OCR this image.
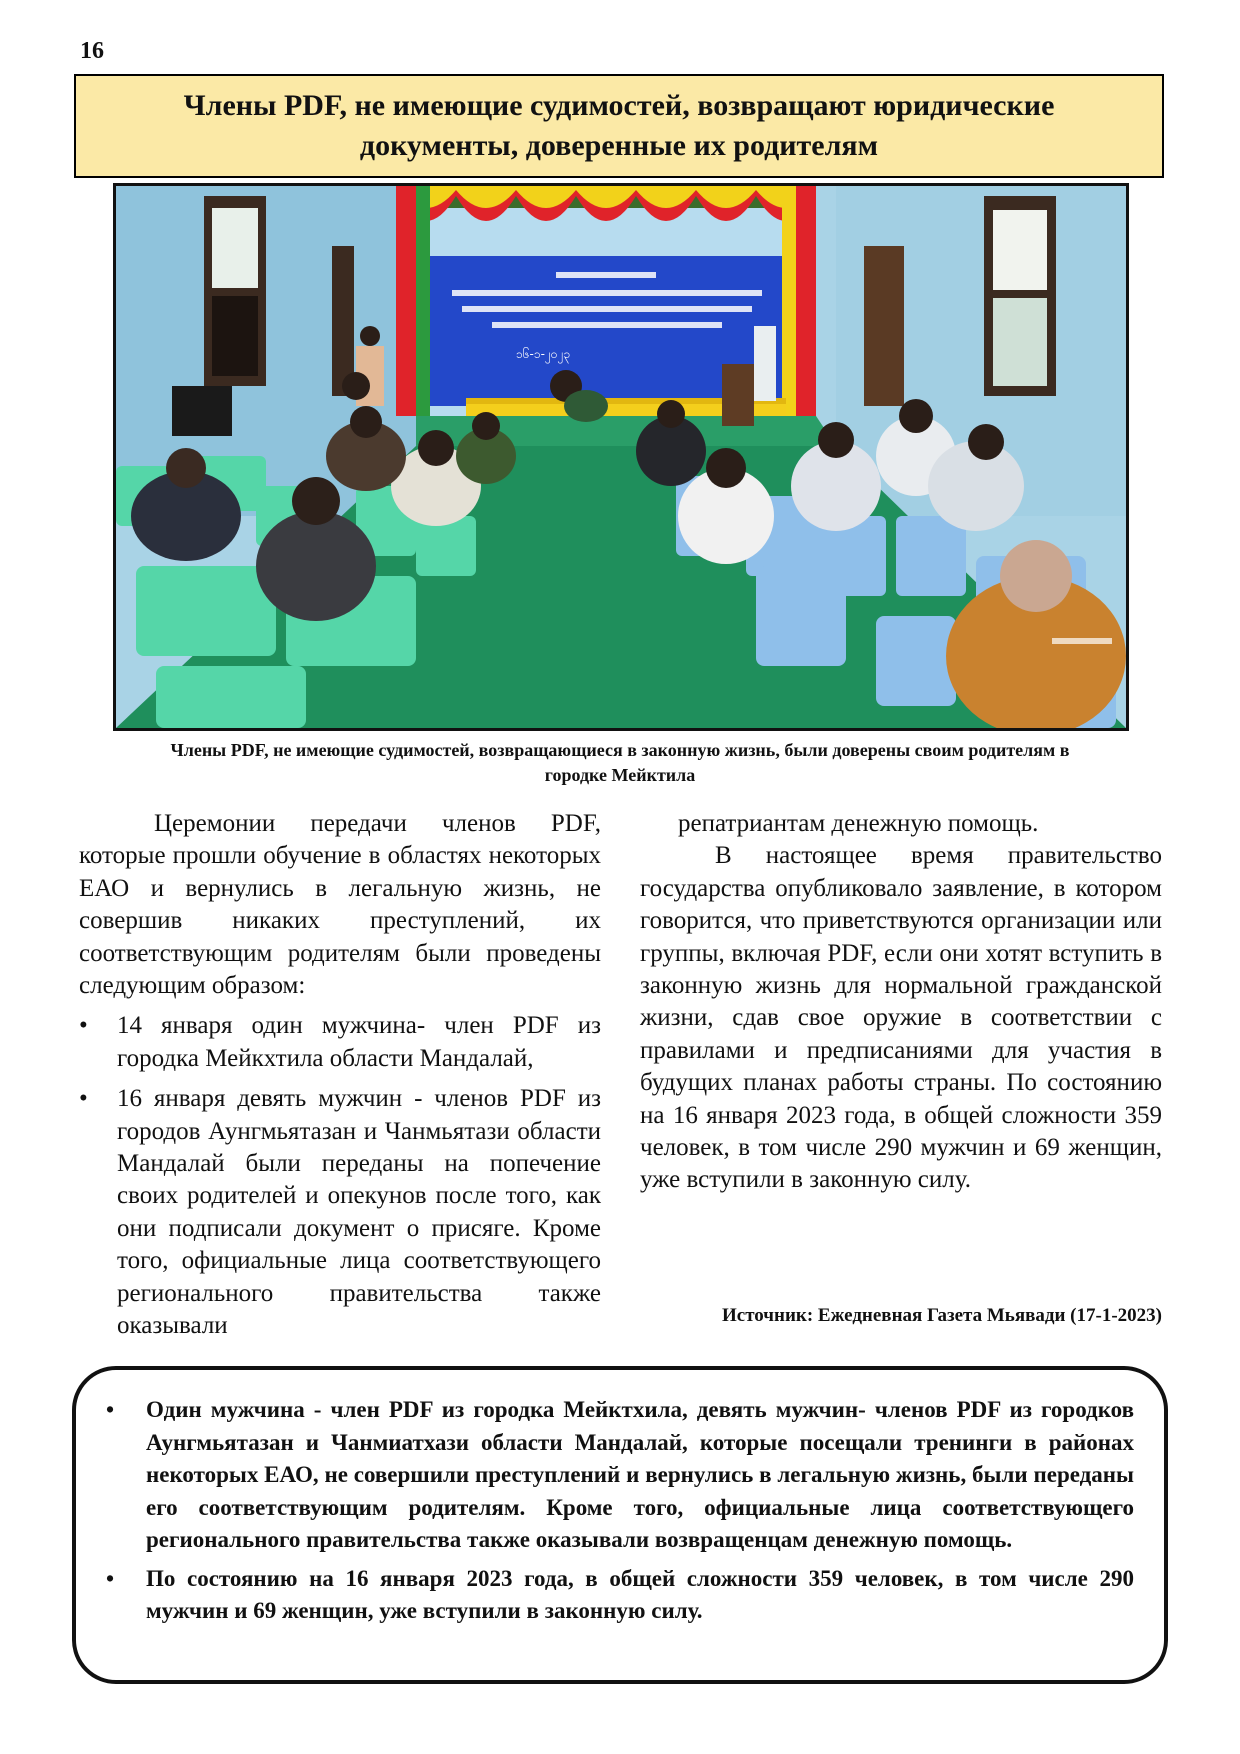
16
Члены PDF, не имеющие судимостей, возвращают юридические
документы, доверенные их родителям
၁၆-၁-၂၀၂၃
Члены PDF, не имеющие судимостей, возвращающиеся в законную жизнь, были доверены своим родителям в
городке Мейктила

Церемонии передачи членов PDF, которые прошли обучение в областях некоторых ЕАО и вернулись в легальную жизнь, не совершив никаких преступлений, их соответствующим родителям были проведены следующим образом:

• 14 января один мужчина- член PDF из городка Мейкхтила области Мандалай,
• 16 января девять мужчин - членов PDF из городов Аунгмьятазан и Чанмьятази области Мандалай были переданы на попечение своих родителей и опекунов после того, как они подписали документ о присяге. Кроме того, официальные лица соответствующего регионального правительства также оказывали

репатриантам денежную помощь.

В настоящее время правительство государства опубликовало заявление, в котором говорится, что приветствуются организации или группы, включая PDF, если они хотят вступить в законную жизнь для нормальной гражданской жизни, сдав свое оружие в соответствии с правилами и предписаниями для участия в будущих планах работы страны. По состоянию на 16 января 2023 года, в общей сложности 359 человек, в том числе 290 мужчин и 69 женщин, уже вступили в законную силу.

Источник: Ежедневная Газета Мьявади (17-1-2023)
• Один мужчина - член PDF из городка Мейктхила, девять мужчин- членов PDF из городков Аунгмьятазан и Чанмиатхази области Мандалай, которые посещали тренинги в районах некоторых ЕАО, не совершили преступлений и вернулись в легальную жизнь, были переданы его соответствующим родителям. Кроме того, официальные лица соответствующего регионального правительства также оказывали возвращенцам денежную помощь.
• По состоянию на 16 января 2023 года, в общей сложности 359 человек, в том числе 290 мужчин и 69 женщин, уже вступили в законную силу.
